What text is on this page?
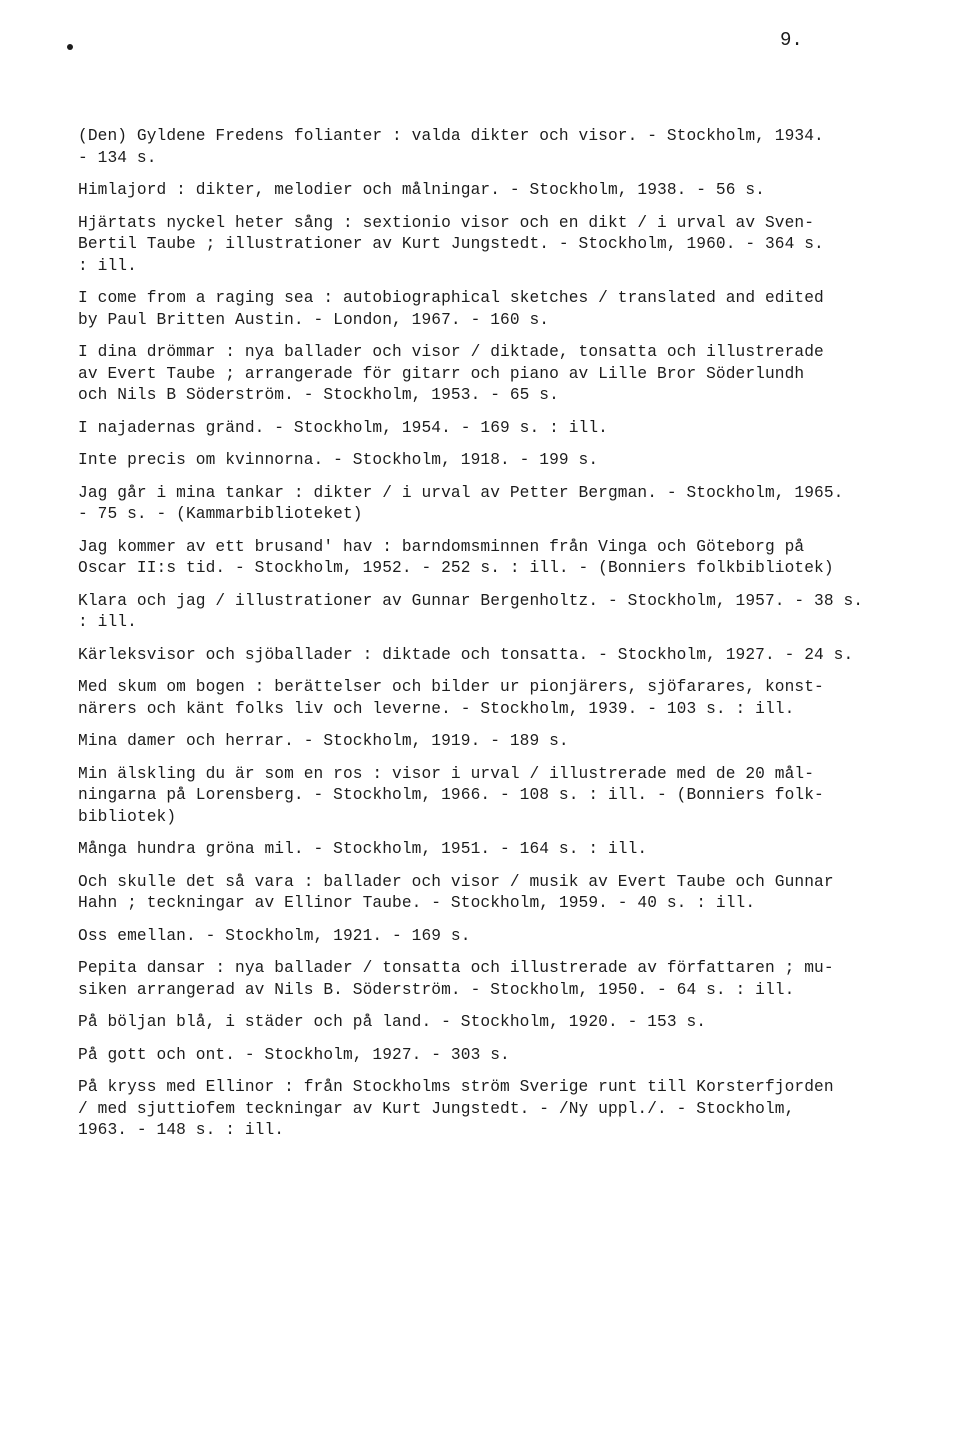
9.
(Den) Gyldene Fredens folianter : valda dikter och visor. - Stockholm, 1934.
- 134 s.
Himlajord : dikter, melodier och målningar. - Stockholm, 1938. - 56 s.
Hjärtats nyckel heter sång : sextionio visor och en dikt / i urval av Sven-
Bertil Taube ; illustrationer av Kurt Jungstedt. - Stockholm, 1960. - 364 s.
: ill.
I come from a raging sea : autobiographical sketches / translated and edited
by Paul Britten Austin. - London, 1967. - 160 s.
I dina drömmar : nya ballader och visor / diktade, tonsatta och illustrerade
av Evert Taube ; arrangerade för gitarr och piano av Lille Bror Söderlundh
och Nils B Söderström. - Stockholm, 1953. - 65 s.
I najadernas gränd. - Stockholm, 1954. - 169 s. : ill.
Inte precis om kvinnorna. - Stockholm, 1918. - 199 s.
Jag går i mina tankar : dikter / i urval av Petter Bergman. - Stockholm, 1965.
- 75 s. - (Kammarbiblioteket)
Jag kommer av ett brusand' hav : barndomsminnen från Vinga och Göteborg på
Oscar II:s tid. - Stockholm, 1952. - 252 s. : ill. - (Bonniers folkbibliotek)
Klara och jag / illustrationer av Gunnar Bergenholtz. - Stockholm, 1957. - 38 s.
: ill.
Kärleksvisor och sjöballader : diktade och tonsatta. - Stockholm, 1927. - 24 s.
Med skum om bogen : berättelser och bilder ur pionjärers, sjöfarares, konst-
närers och känt folks liv och leverne. - Stockholm, 1939. - 103 s. : ill.
Mina damer och herrar. - Stockholm, 1919. - 189 s.
Min älskling du är som en ros : visor i urval / illustrerade med de 20 mål-
ningarna på Lorensberg. - Stockholm, 1966. - 108 s. : ill. - (Bonniers folk-
bibliotek)
Många hundra gröna mil. - Stockholm, 1951. - 164 s. : ill.
Och skulle det så vara : ballader och visor / musik av Evert Taube och Gunnar
Hahn ; teckningar av Ellinor Taube. - Stockholm, 1959. - 40 s. : ill.
Oss emellan. - Stockholm, 1921. - 169 s.
Pepita dansar : nya ballader / tonsatta och illustrerade av författaren ; mu-
siken arrangerad av Nils B. Söderström. - Stockholm, 1950. - 64 s. : ill.
På böljan blå, i städer och på land. - Stockholm, 1920. - 153 s.
På gott och ont. - Stockholm, 1927. - 303 s.
På kryss med Ellinor : från Stockholms ström Sverige runt till Korsterfjorden
/ med sjuttiofem teckningar av Kurt Jungstedt. - /Ny uppl./. - Stockholm,
1963. - 148 s. : ill.
